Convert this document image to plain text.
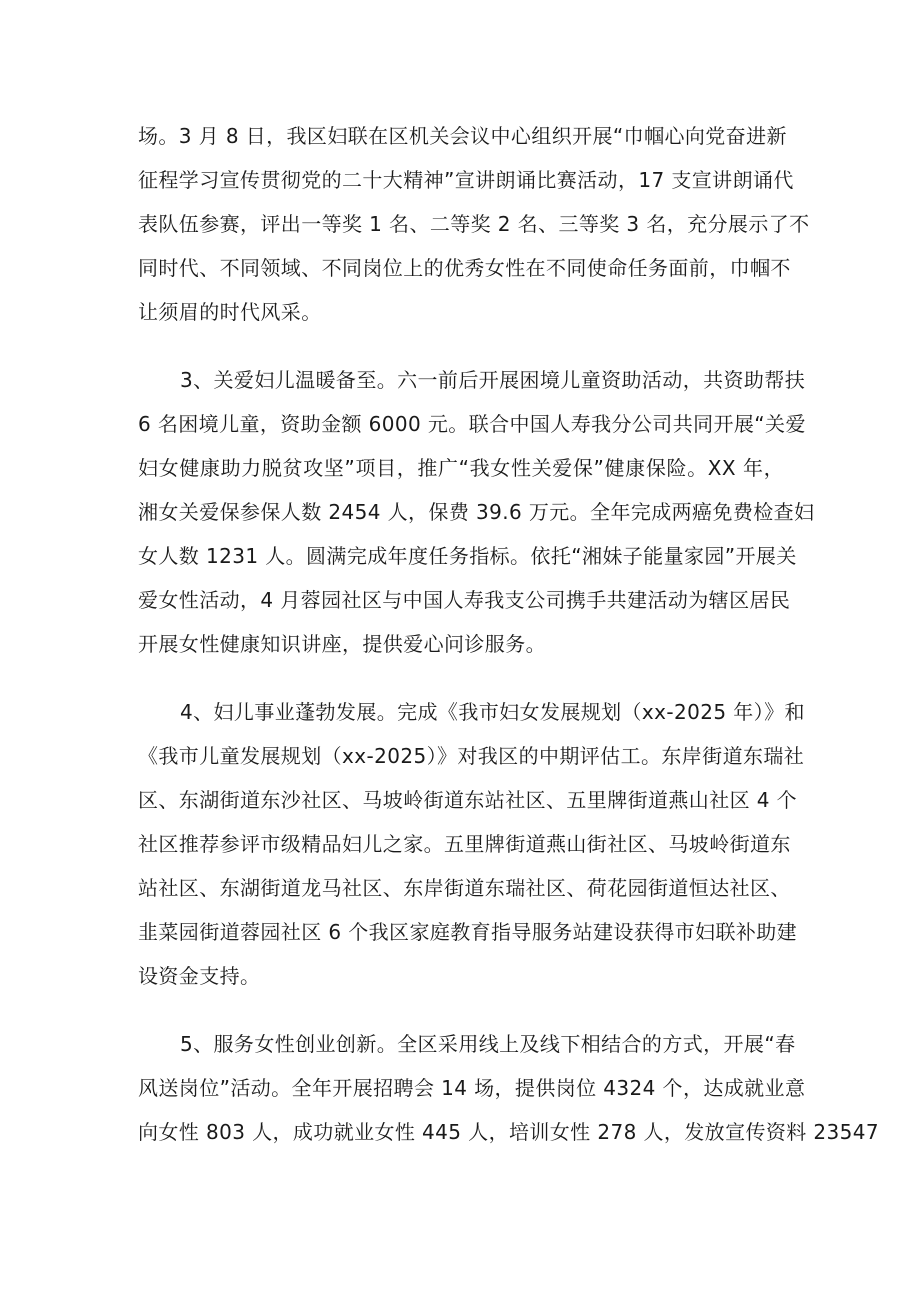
场。3 月 8 日，我区妇联在区机关会议中心组织开展“巾帼心向党奋进新
征程学习宣传贯彻党的二十大精神”宣讲朗诵比赛活动，17 支宣讲朗诵代
表队伍参赛，评出一等奖 1 名、二等奖 2 名、三等奖 3 名，充分展示了不
同时代、不同领域、不同岗位上的优秀女性在不同使命任务面前，巾帼不
让须眉的时代风采。
3、关爱妇儿温暖备至。六一前后开展困境儿童资助活动，共资助帮扶
6 名困境儿童，资助金额 6000 元。联合中国人寿我分公司共同开展“关爱
妇女健康助力脱贫攻坚”项目，推广“我女性关爱保”健康保险。XX 年，
湘女关爱保参保人数 2454 人，保费 39.6 万元。全年完成两癌免费检查妇
女人数 1231 人。圆满完成年度任务指标。依托“湘妹子能量家园”开展关
爱女性活动，4 月蓉园社区与中国人寿我支公司携手共建活动为辖区居民
开展女性健康知识讲座，提供爱心问诊服务。
4、妇儿事业蓬勃发展。完成《我市妇女发展规划（xx-2025 年）》和
《我市儿童发展规划（xx-2025）》对我区的中期评估工。东岸街道东瑞社
区、东湖街道东沙社区、马坡岭街道东站社区、五里牌街道燕山社区 4 个
社区推荐参评市级精品妇儿之家。五里牌街道燕山街社区、马坡岭街道东
站社区、东湖街道龙马社区、东岸街道东瑞社区、荷花园街道恒达社区、
韭菜园街道蓉园社区 6 个我区家庭教育指导服务站建设获得市妇联补助建
设资金支持。
5、服务女性创业创新。全区采用线上及线下相结合的方式，开展“春
风送岗位”活动。全年开展招聘会 14 场，提供岗位 4324 个，达成就业意
向女性 803 人，成功就业女性 445 人，培训女性 278 人，发放宣传资料 23547
